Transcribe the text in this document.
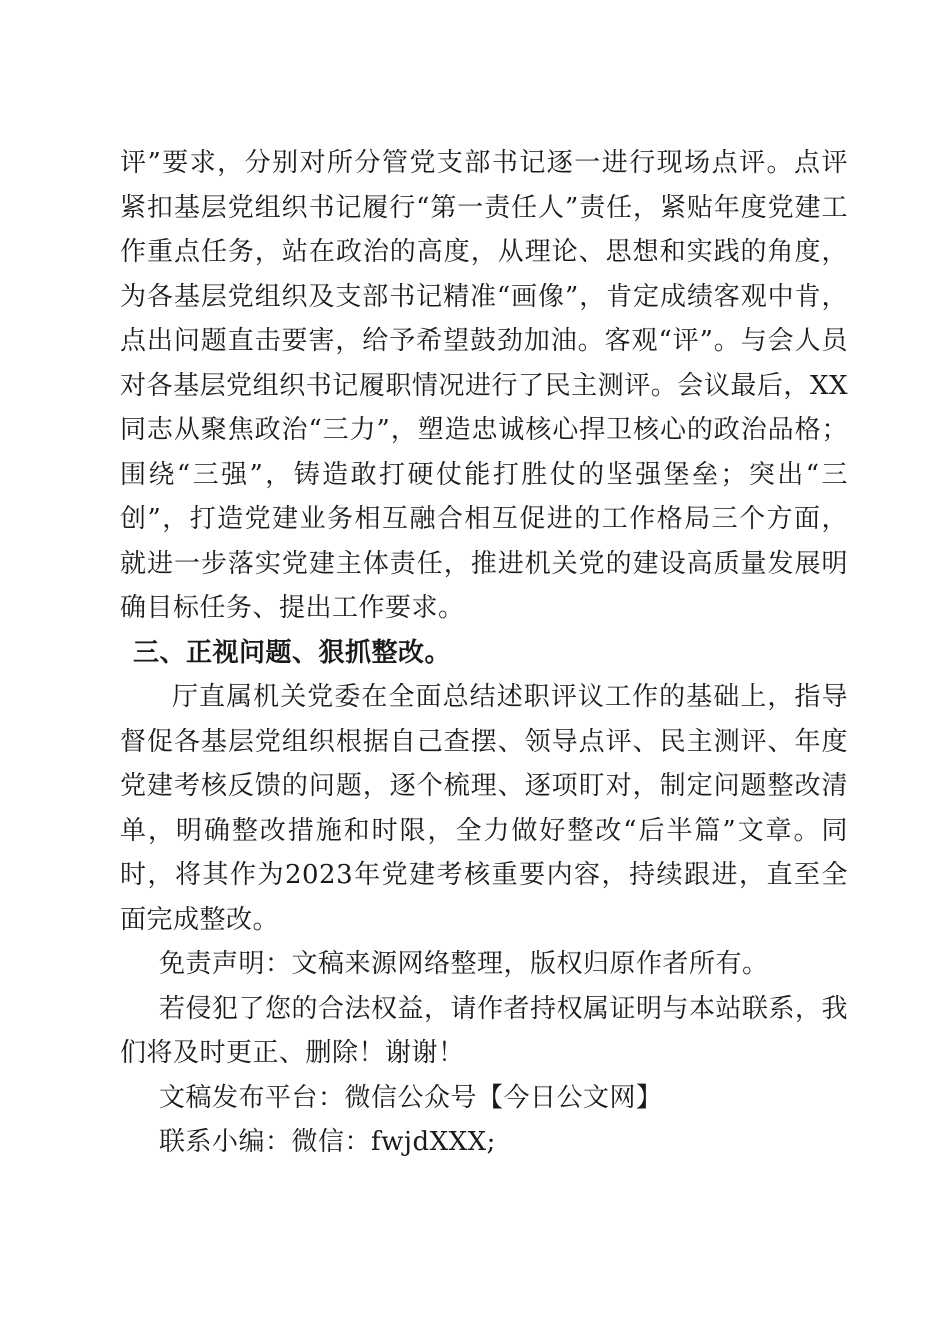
评”要求，分别对所分管党支部书记逐一进行现场点评。点评紧扣基层党组织书记履行“第一责任人”责任，紧贴年度党建工作重点任务，站在政治的高度，从理论、思想和实践的角度，为各基层党组织及支部书记精准“画像”，肯定成绩客观中肯，点出问题直击要害，给予希望鼓劲加油。客观“评”。与会人员对各基层党组织书记履职情况进行了民主测评。会议最后，XX同志从聚焦政治“三力”，塑造忠诚核心捍卫核心的政治品格；围绕“三强”，铸造敢打硬仗能打胜仗的坚强堡垒；突出“三创”，打造党建业务相互融合相互促进的工作格局三个方面，就进一步落实党建主体责任，推进机关党的建设高质量发展明确目标任务、提出工作要求。

三、正视问题、狠抓整改。

厅直属机关党委在全面总结述职评议工作的基础上，指导督促各基层党组织根据自己查摆、领导点评、民主测评、年度党建考核反馈的问题，逐个梳理、逐项盯对，制定问题整改清单，明确整改措施和时限，全力做好整改“后半篇”文章。同时，将其作为2023年党建考核重要内容，持续跟进，直至全面完成整改。

免责声明：文稿来源网络整理，版权归原作者所有。

若侵犯了您的合法权益，请作者持权属证明与本站联系，我们将及时更正、删除！谢谢！

文稿发布平台：微信公众号【今日公文网】

联系小编：微信：fwjdXXX;
